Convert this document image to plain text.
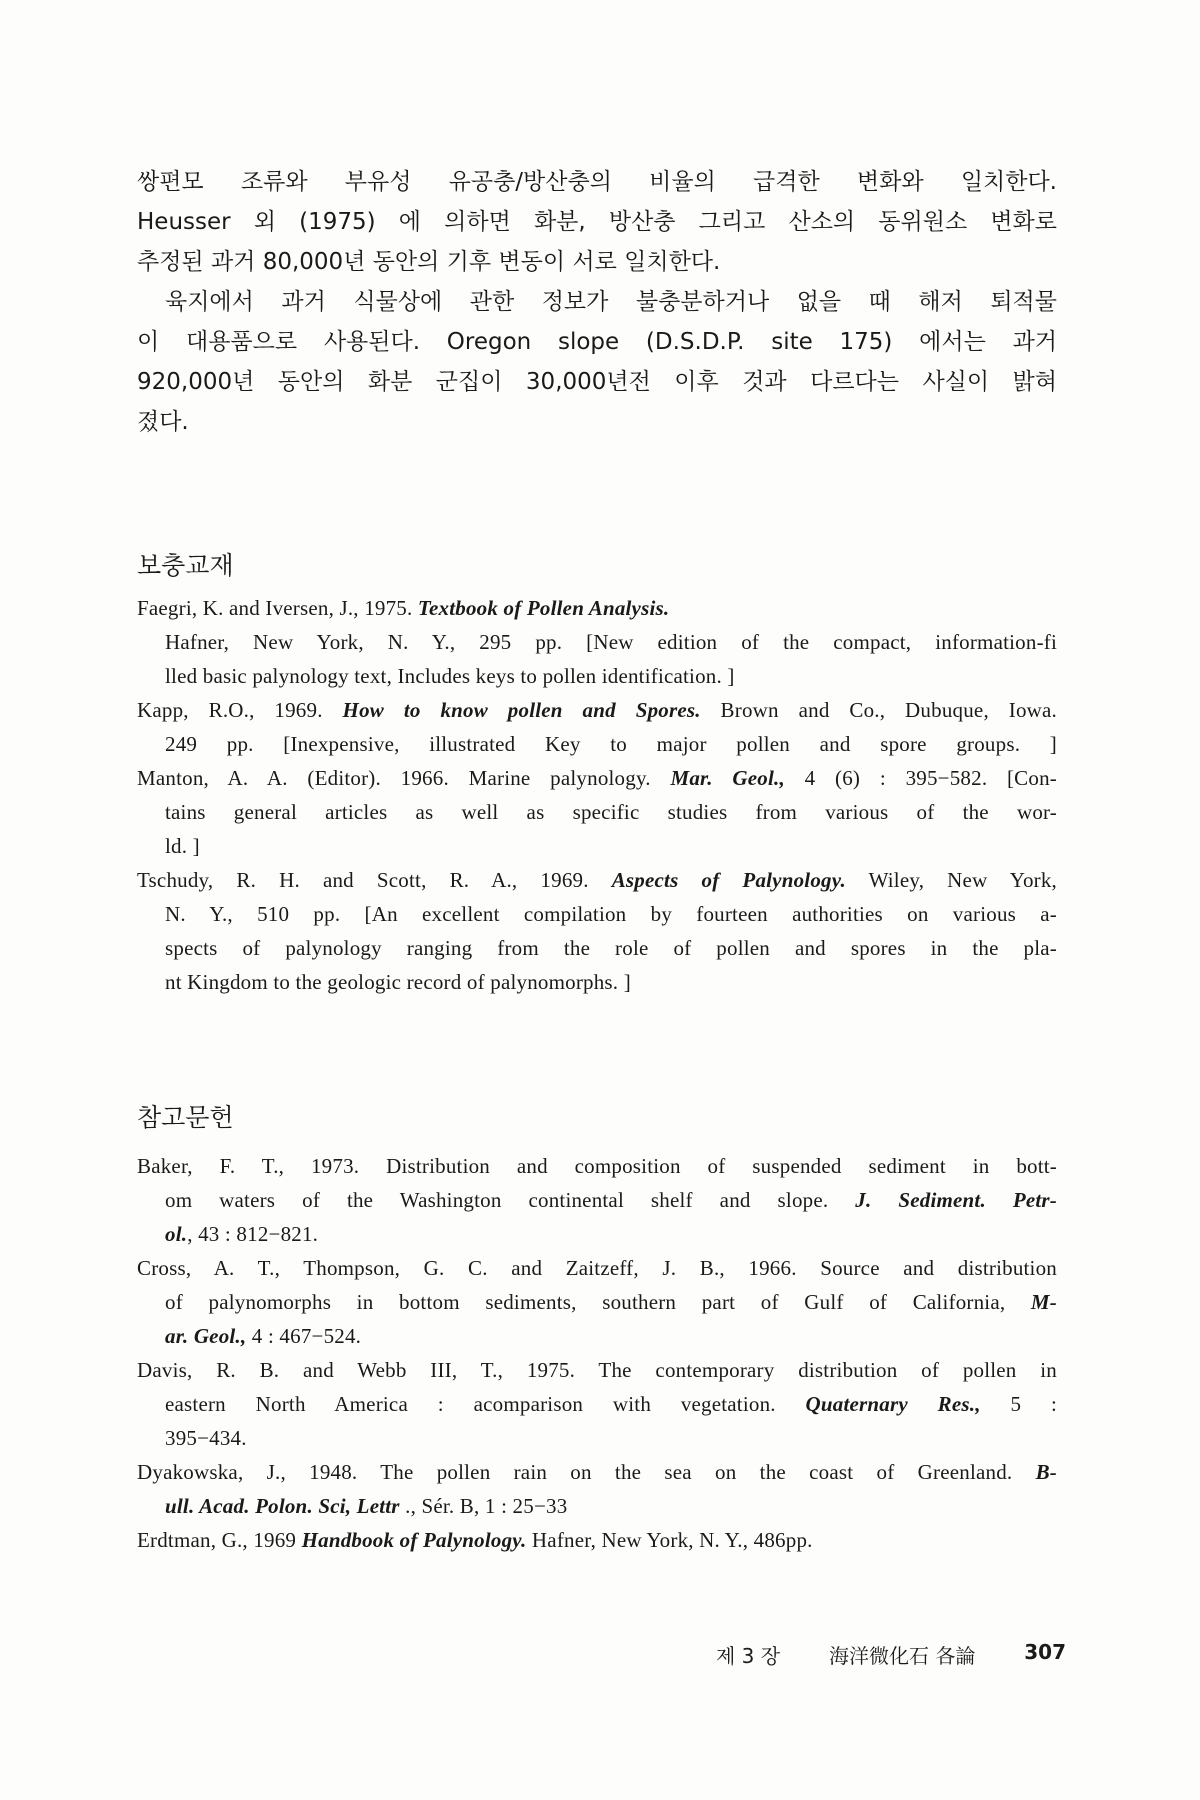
쌍편모 조류와 부유성 유공충/방산충의 비율의 급격한 변화와 일치한다.
Heusser 외 (1975) 에 의하면 화분, 방산충 그리고 산소의 동위원소 변화로
추정된 과거 80,000년 동안의 기후 변동이 서로 일치한다.
육지에서 과거 식물상에 관한 정보가 불충분하거나 없을 때 해저 퇴적물
이 대용품으로 사용된다. Oregon slope (D.S.D.P. site 175) 에서는 과거
920,000년 동안의 화분 군집이 30,000년전 이후 것과 다르다는 사실이 밝혀
졌다.
보충교재
Faegri, K. and Iversen, J., 1975. Textbook of Pollen Analysis.
Hafner, New York, N. Y., 295 pp. [New edition of the compact, information-fi
lled basic palynology text, Includes keys to pollen identification. ]
Kapp, R.O., 1969. How to know pollen and Spores. Brown and Co., Dubuque, Iowa.
249 pp. [Inexpensive, illustrated Key to major pollen and spore groups. ]
Manton, A. A. (Editor). 1966. Marine palynology. Mar. Geol., 4 (6) : 395−582. [Con-
tains general articles as well as specific studies from various of the wor-
ld. ]
Tschudy, R. H. and Scott, R. A., 1969. Aspects of Palynology. Wiley, New York,
N. Y., 510 pp. [An excellent compilation by fourteen authorities on various a-
spects of palynology ranging from the role of pollen and spores in the pla-
nt Kingdom to the geologic record of palynomorphs. ]
참고문헌
Baker, F. T., 1973. Distribution and composition of suspended sediment in bott-
om waters of the Washington continental shelf and slope. J. Sediment. Petr-
ol., 43 : 812−821.
Cross, A. T., Thompson, G. C. and Zaitzeff, J. B., 1966. Source and distribution
of palynomorphs in bottom sediments, southern part of Gulf of California, M-
ar. Geol., 4 : 467−524.
Davis, R. B. and Webb III, T., 1975. The contemporary distribution of pollen in
eastern North America : acomparison with vegetation. Quaternary Res., 5 :
395−434.
Dyakowska, J., 1948. The pollen rain on the sea on the coast of Greenland. B-
ull. Acad. Polon. Sci, Lettr ., Sér. B, 1 : 25−33
Erdtman, G., 1969 Handbook of Palynology. Hafner, New York, N. Y., 486pp.
제 3 장 海洋微化石 各論 307
